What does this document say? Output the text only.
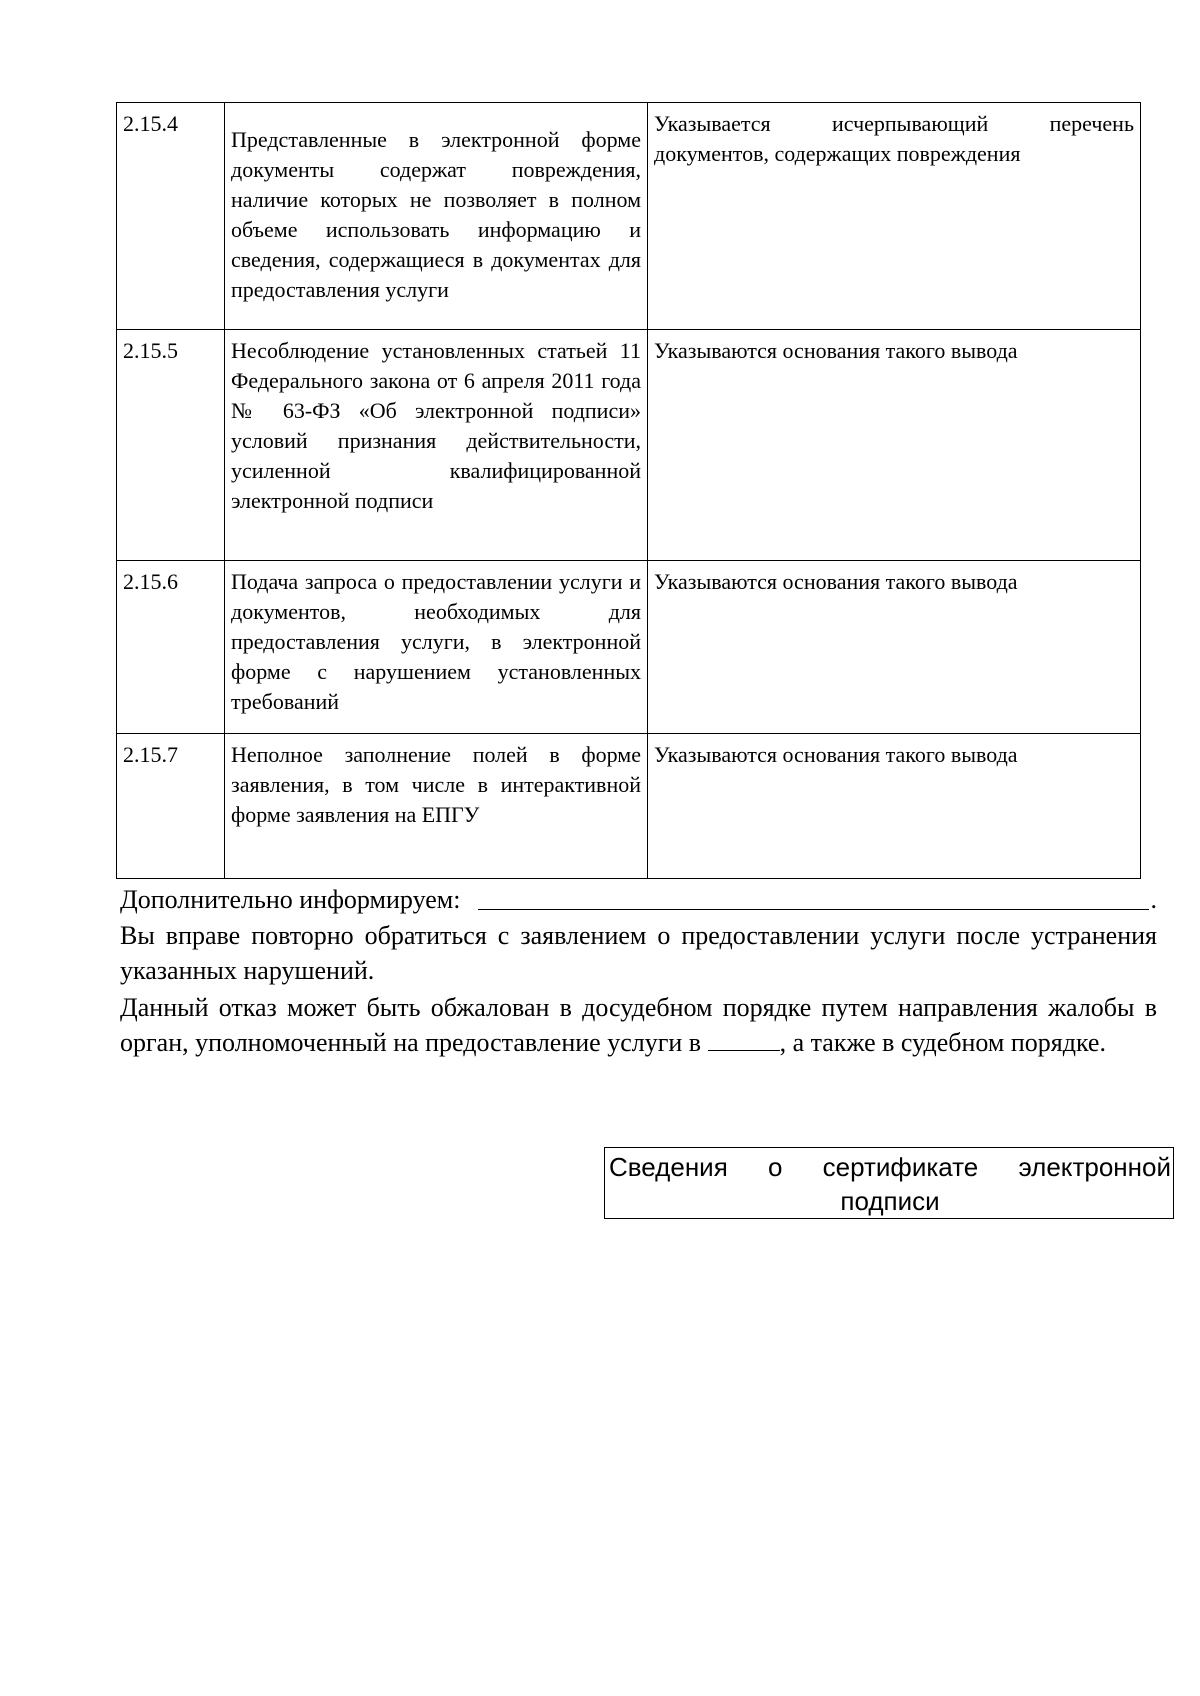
2.15.4	Представленные в электронной форме документы содержат повреждения, наличие которых не позволяет в полном объеме использовать информацию и сведения, содержащиеся в документах для предоставления услуги	Указывается исчерпывающий перечень документов, содержащих повреждения
2.15.5	Несоблюдение установленных статьей 11 Федерального закона от 6 апреля 2011 года № 63-ФЗ «Об электронной подписи» условий признания действительности, усиленной квалифицированной электронной подписи	Указываются основания такого вывода
2.15.6	Подача запроса о предоставлении услуги и документов, необходимых для предоставления услуги, в электронной форме с нарушением установленных требований	Указываются основания такого вывода
2.15.7	Неполное заполнение полей в форме заявления, в том числе в интерактивной форме заявления на ЕПГУ	Указываются основания такого вывода
Дополнительно информируем:	.
Вы вправе повторно обратиться с заявлением о предоставлении услуги после устранения указанных нарушений.
Данный отказ может быть обжалован в досудебном порядке путем направления жалобы в орган, уполномоченный на предоставление услуги в	, а также в судебном порядке.
Сведения о сертификате электронной
подписи
